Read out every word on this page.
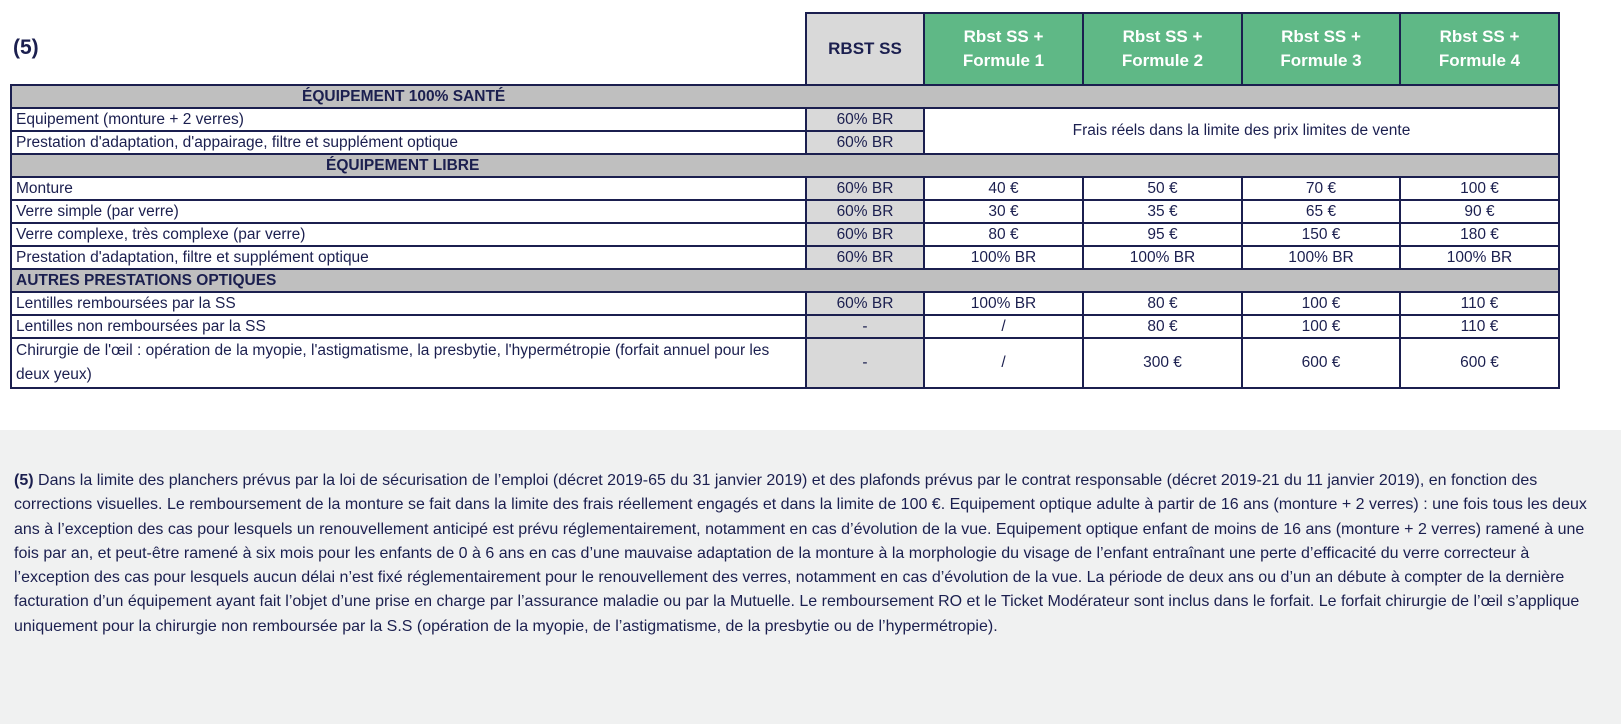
	RBST SS	Rbst SS + Formule 1	Rbst SS + Formule 2	Rbst SS + Formule 3	Rbst SS + Formule 4
ÉQUIPEMENT 100% SANTÉ					
Equipement (monture + 2 verres)	60% BR	Frais réels dans la limite des prix limites de vente			
Prestation d'adaptation, d'appairage, filtre et supplément optique	60% BR				
ÉQUIPEMENT LIBRE					
Monture	60% BR	40 €	50 €	70 €	100 €
Verre simple (par verre)	60% BR	30 €	35 €	65 €	90 €
Verre complexe, très complexe (par verre)	60% BR	80 €	95 €	150 €	180 €
Prestation d'adaptation, filtre et supplément optique	60% BR	100% BR	100% BR	100% BR	100% BR
AUTRES PRESTATIONS OPTIQUES					
Lentilles remboursées par la SS	60% BR	100% BR	80 €	100 €	110 €
Lentilles non remboursées par la SS	-	/	80 €	100 €	110 €
Chirurgie de l'œil : opération de la myopie, l'astigmatisme, la presbytie, l'hypermétropie (forfait annuel pour les deux yeux)	-	/	300 €	600 €	600 €
(5)
(5) Dans la limite des planchers prévus par la loi de sécurisation de l’emploi (décret 2019-65 du 31 janvier 2019) et des plafonds prévus par le contrat responsable (décret 2019-21 du 11 janvier 2019), en fonction des corrections visuelles. Le remboursement de la monture se fait dans la limite des frais réellement engagés et dans la limite de 100 €. Equipement optique adulte à partir de 16 ans (monture + 2 verres) : une fois tous les deux ans à l’exception des cas pour lesquels un renouvellement anticipé est prévu réglementairement, notamment en cas d’évolution de la vue. Equipement optique enfant de moins de 16 ans (monture + 2 verres) ramené à une fois par an, et peut-être ramené à six mois pour les enfants de 0 à 6 ans en cas d’une mauvaise adaptation de la monture à la morphologie du visage de l’enfant entraînant une perte d’efficacité du verre correcteur à l’exception des cas pour lesquels aucun délai n’est fixé réglementairement pour le renouvellement des verres, notamment en cas d’évolution de la vue. La période de deux ans ou d’un an débute à compter de la dernière facturation d’un équipement ayant fait l’objet d’une prise en charge par l’assurance maladie ou par la Mutuelle. Le remboursement RO et le Ticket Modérateur sont inclus dans le forfait. Le forfait chirurgie de l’œil s’applique uniquement pour la chirurgie non remboursée par la S.S (opération de la myopie, de l’astigmatisme, de la presbytie ou de l’hypermétropie).
